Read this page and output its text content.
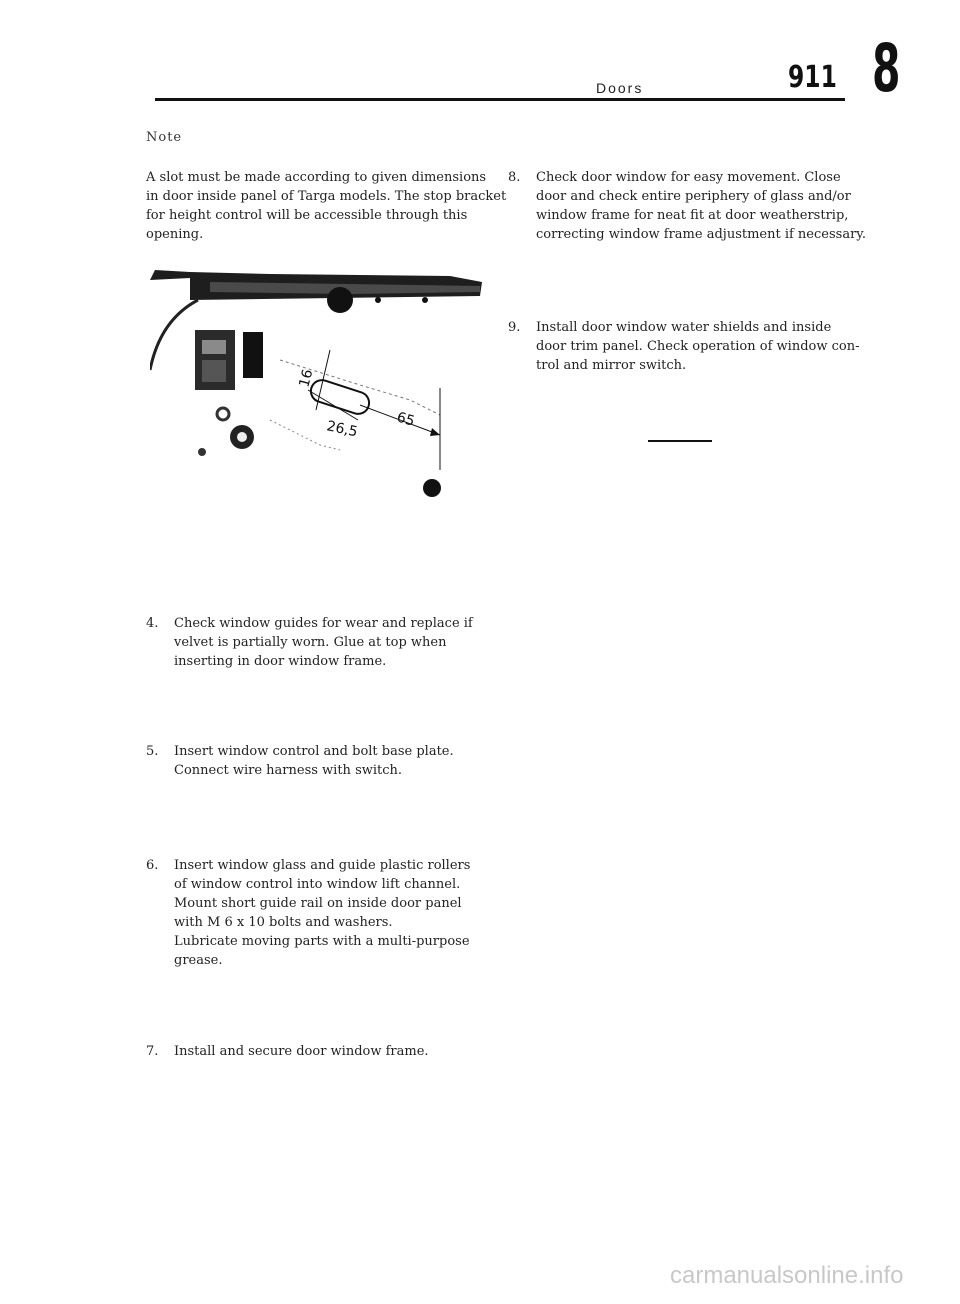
Doors	911 8
Note
A slot must be made according to given dimensions
in door inside panel of Targa models. The stop bracket
for height control will be accessible through this
opening.
16
26,5	65
4. Check window guides for wear and replace if
velvet is partially worn. Glue at top when
inserting in door window frame.
5. Insert window control and bolt base plate.
Connect wire harness with switch.
6. Insert window glass and guide plastic rollers
of window control into window lift channel.
Mount short guide rail on inside door panel
with M 6 x 10 bolts and washers.
Lubricate moving parts with a multi-purpose
grease.
7. Install and secure door window frame.
8. Check door window for easy movement. Close
door and check entire periphery of glass and/or
window frame for neat fit at door weatherstrip,
correcting window frame adjustment if necessary.
9. Install door window water shields and inside
door trim panel. Check operation of window con-
trol and mirror switch.
carmanualsonline.info
